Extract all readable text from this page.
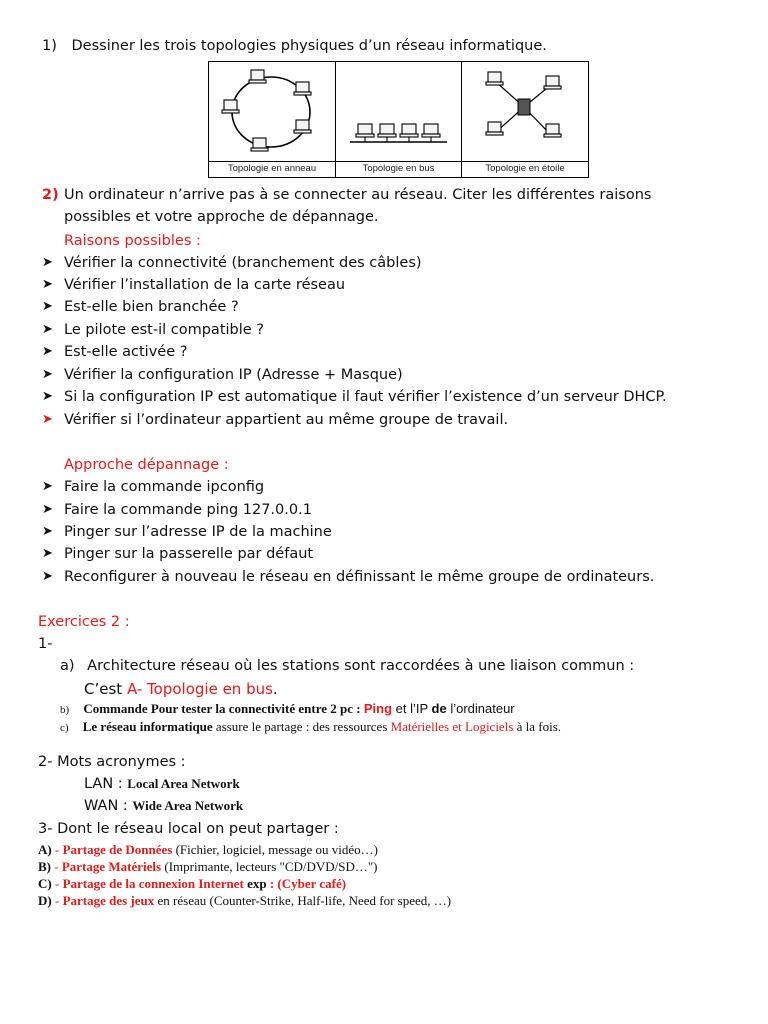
1) Dessiner les trois topologies physiques d’un réseau informatique.
Topologie en anneau	Topologie en bus	Topologie en étoile
2) Un ordinateur n’arrive pas à se connecter au réseau. Citer les différentes raisons
possibles et votre approche de dépannage.
Raisons possibles :
➤ Vérifier la connectivité (branchement des câbles)
➤ Vérifier l’installation de la carte réseau
➤ Est-elle bien branchée ?
➤ Le pilote est-il compatible ?
➤ Est-elle activée ?
➤ Vérifier la configuration IP (Adresse + Masque)
➤ Si la configuration IP est automatique il faut vérifier l’existence d’un serveur DHCP.
➤ Vérifier si l’ordinateur appartient au même groupe de travail.
Approche dépannage :
➤ Faire la commande ipconfig
➤ Faire la commande ping 127.0.0.1
➤ Pinger sur l’adresse IP de la machine
➤ Pinger sur la passerelle par défaut
➤ Reconfigurer à nouveau le réseau en définissant le même groupe de ordinateurs.
Exercices 2 :
1-
a) Architecture réseau où les stations sont raccordées à une liaison commun :
C’est A- Topologie en bus.
b) Commande Pour tester la connectivité entre 2 pc : Ping et l’IP de l’ordinateur
c) Le réseau informatique assure le partage : des ressources Matérielles et Logiciels à la fois.
2- Mots acronymes :
LAN : Local Area Network
WAN : Wide Area Network
3- Dont le réseau local on peut partager :
A) - Partage de Données (Fichier, logiciel, message ou vidéo…)
B) - Partage Matériels (Imprimante, lecteurs "CD/DVD/SD…")
C) - Partage de la connexion Internet exp : (Cyber café)
D) - Partage des jeux en réseau (Counter-Strike, Half-life, Need for speed, …)
